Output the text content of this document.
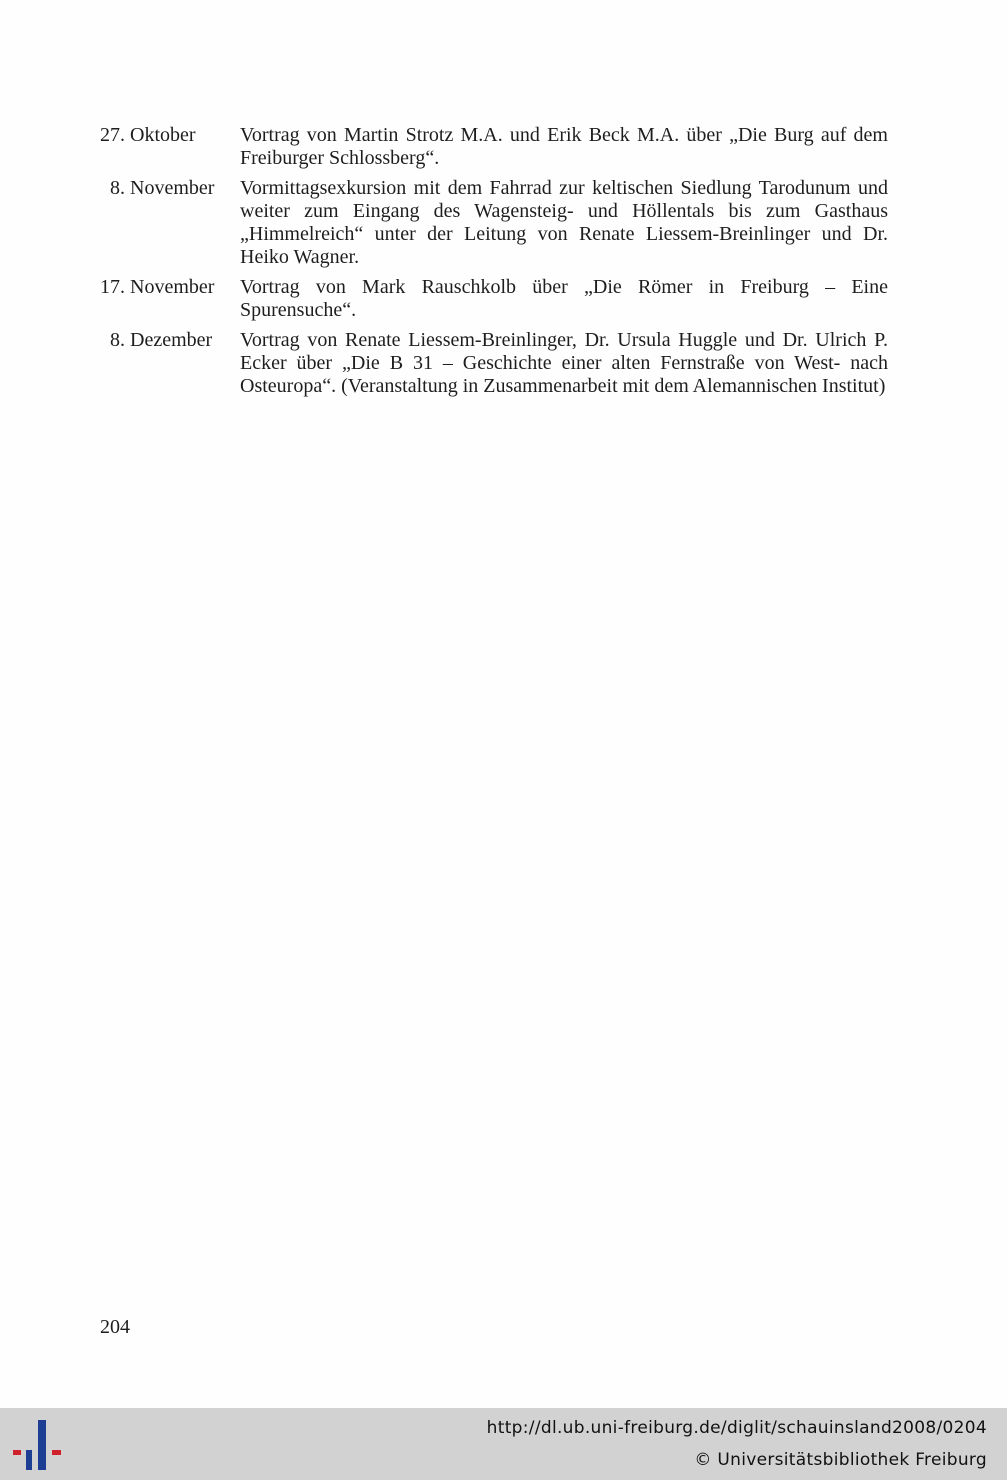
27. Oktober	Vortrag von Martin Strotz M.A. und Erik Beck M.A. über „Die Burg auf dem Freiburger Schlossberg“.
8. November	Vormittagsexkursion mit dem Fahrrad zur keltischen Siedlung Tarodunum und weiter zum Eingang des Wagensteig- und Höllentals bis zum Gasthaus „Himmelreich“ unter der Leitung von Renate Liessem-Breinlinger und Dr. Heiko Wagner.
17. November	Vortrag von Mark Rauschkolb über „Die Römer in Freiburg – Eine Spurensuche“.
8. Dezember	Vortrag von Renate Liessem-Breinlinger, Dr. Ursula Huggle und Dr. Ulrich P. Ecker über „Die B 31 – Geschichte einer alten Fernstraße von West- nach Osteuropa“. (Veranstaltung in Zusammenarbeit mit dem Alemannischen Institut)
204
http://dl.ub.uni-freiburg.de/diglit/schauinsland2008/0204
© Universitätsbibliothek Freiburg
